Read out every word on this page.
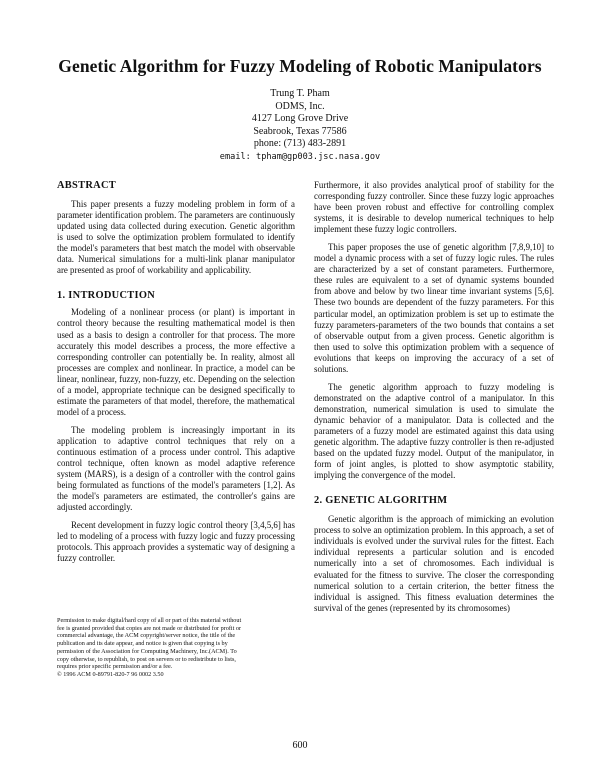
Genetic Algorithm for Fuzzy Modeling of Robotic Manipulators
Trung T. Pham
ODMS, Inc.
4127 Long Grove Drive
Seabrook, Texas 77586
phone: (713) 483-2891
email: tpham@gp003.jsc.nasa.gov
ABSTRACT
This paper presents a fuzzy modeling problem in form of a parameter identification problem. The parameters are continuously updated using data collected during execution. Genetic algorithm is used to solve the optimization problem formulated to identify the model's parameters that best match the model with observable data. Numerical simulations for a multi-link planar manipulator are presented as proof of workability and applicability.
1. INTRODUCTION
Modeling of a nonlinear process (or plant) is important in control theory because the resulting mathematical model is then used as a basis to design a controller for that process. The more accurately this model describes a process, the more effective a corresponding controller can potentially be. In reality, almost all processes are complex and nonlinear. In practice, a model can be linear, nonlinear, fuzzy, non-fuzzy, etc. Depending on the selection of a model, appropriate technique can be designed specifically to estimate the parameters of that model, therefore, the mathematical model of a process.
The modeling problem is increasingly important in its application to adaptive control techniques that rely on a continuous estimation of a process under control. This adaptive control technique, often known as model adaptive reference system (MARS), is a design of a controller with the control gains being formulated as functions of the model's parameters [1,2]. As the model's parameters are estimated, the controller's gains are adjusted accordingly.
Recent development in fuzzy logic control theory [3,4,5,6] has led to modeling of a process with fuzzy logic and fuzzy processing protocols. This approach provides a systematic way of designing a fuzzy controller.
Furthermore, it also provides analytical proof of stability for the corresponding fuzzy controller. Since these fuzzy logic approaches have been proven robust and effective for controlling complex systems, it is desirable to develop numerical techniques to help implement these fuzzy logic controllers.
This paper proposes the use of genetic algorithm [7,8,9,10] to model a dynamic process with a set of fuzzy logic rules. The rules are characterized by a set of constant parameters. Furthermore, these rules are equivalent to a set of dynamic systems bounded from above and below by two linear time invariant systems [5,6]. These two bounds are dependent of the fuzzy parameters. For this particular model, an optimization problem is set up to estimate the fuzzy parameters-parameters of the two bounds that contains a set of observable output from a given process. Genetic algorithm is then used to solve this optimization problem with a sequence of evolutions that keeps on improving the accuracy of a set of solutions.
The genetic algorithm approach to fuzzy modeling is demonstrated on the adaptive control of a manipulator. In this demonstration, numerical simulation is used to simulate the dynamic behavior of a manipulator. Data is collected and the parameters of a fuzzy model are estimated against this data using genetic algorithm. The adaptive fuzzy controller is then re-adjusted based on the updated fuzzy model. Output of the manipulator, in form of joint angles, is plotted to show asymptotic stability, implying the convergence of the model.
2. GENETIC ALGORITHM
Genetic algorithm is the approach of mimicking an evolution process to solve an optimization problem. In this approach, a set of individuals is evolved under the survival rules for the fittest. Each individual represents a particular solution and is encoded numerically into a set of chromosomes. Each individual is evaluated for the fitness to survive. The closer the corresponding numerical solution to a certain criterion, the better fitness the individual is assigned. This fitness evaluation determines the survival of the genes (represented by its chromosomes)
Permission to make digital/hard copy of all or part of this material without
fee is granted provided that copies are not made or distributed for profit or
commercial advantage, the ACM copyright/server notice, the title of the
publication and its date appear, and notice is given that copying is by
permission of the Association for Computing Machinery, Inc.(ACM). To
copy otherwise, to republish, to post on servers or to redistribute to lists,
requires prior specific permission and/or a fee.
© 1996 ACM 0-89791-820-7 96 0002 3.50
600
